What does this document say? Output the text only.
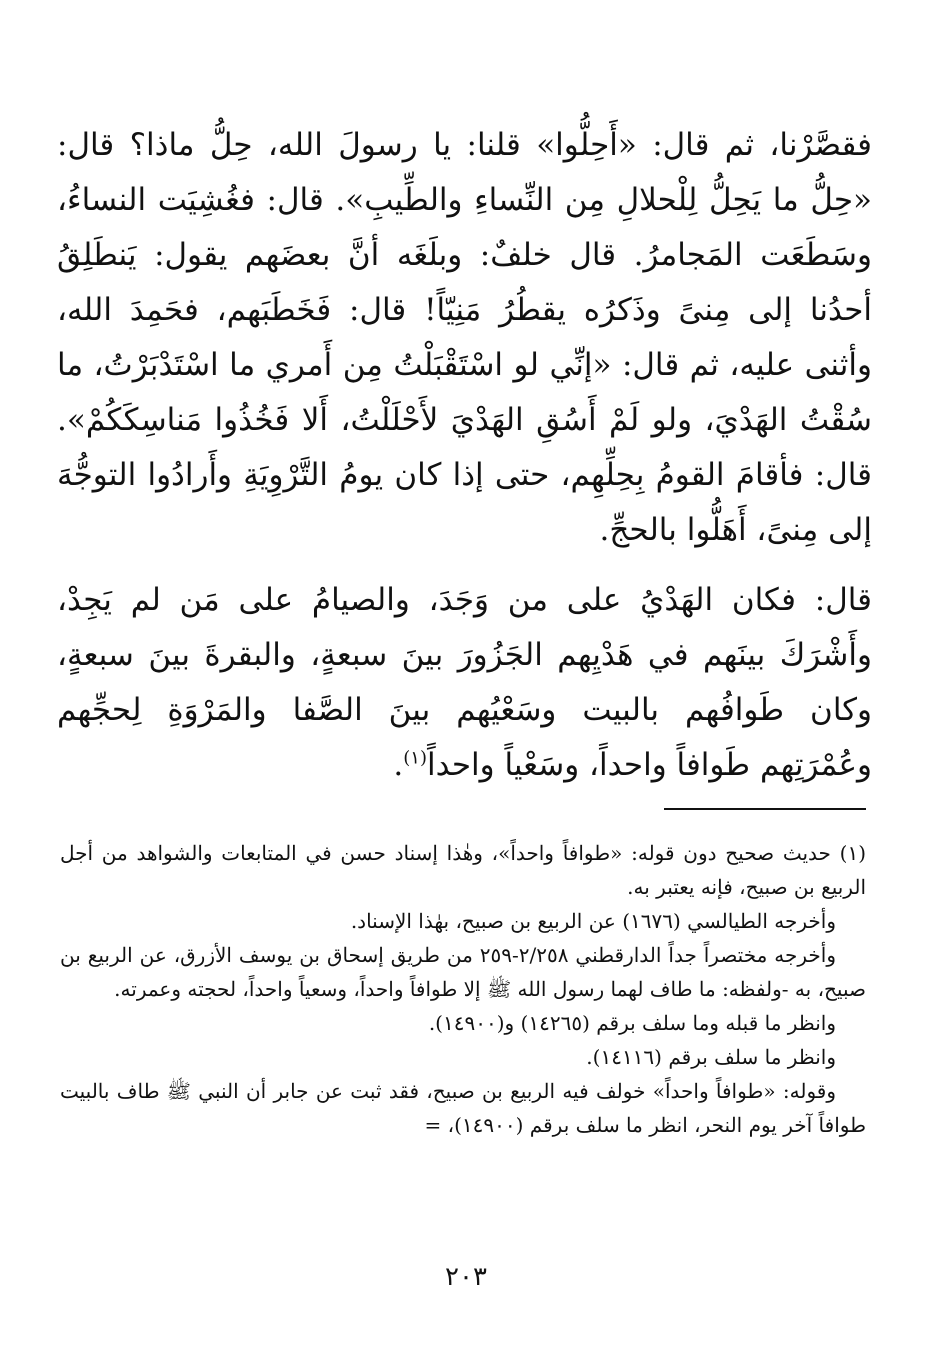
فقصَّرْنا، ثم قال: «أَحِلُّوا» قلنا: يا رسولَ الله، حِلُّ ماذا؟ قال: «حِلُّ ما يَحِلُّ لِلْحلالِ مِن النِّساءِ والطِّيبِ». قال: فغُشِيَت النساءُ، وسَطَعَت المَجامرُ. قال خلفٌ: وبلَغَه أنَّ بعضَهم يقول: يَنطَلِقُ أحدُنا إلى مِنىً وذَكرُه يقطُرُ مَنِيّاً! قال: فَخَطَبَهم، فحَمِدَ الله، وأثنى عليه، ثم قال: «إنِّي لو اسْتَقْبَلْتُ مِن أَمري ما اسْتَدْبَرْتُ، ما سُقْتُ الهَدْيَ، ولو لَمْ أَسُقِ الهَدْيَ لأَحْلَلْتُ، أَلا فَخُذُوا مَناسِكَكُمْ». قال: فأقامَ القومُ بِحِلِّهِم، حتى إذا كان يومُ التَّرْوِيَةِ وأَرادُوا التوجُّهَ إلى مِنىً، أَهَلُّوا بالحجِّ.

قال: فكان الهَدْيُ على من وَجَدَ، والصيامُ على مَن لم يَجِدْ، وأَشْرَكَ بينَهم في هَدْيِهم الجَزُورَ بينَ سبعةٍ، والبقرةَ بينَ سبعةٍ، وكان طَوافُهم بالبيت وسَعْيُهم بينَ الصَّفا والمَرْوَةِ لِحجِّهم وعُمْرَتِهم طَوافاً واحداً، وسَعْياً واحداً$^{(١)}$.

(١) حديث صحيح دون قوله: «طوافاً واحداً»، وهٰذا إسناد حسن في المتابعات والشواهد من أجل الربيع بن صبيح، فإنه يعتبر به.

وأخرجه الطيالسي (١٦٧٦) عن الربيع بن صبيح، بهٰذا الإسناد.

وأخرجه مختصراً جداً الدارقطني ٢/٢٥٨-٢٥٩ من طريق إسحاق بن يوسف الأزرق، عن الربيع بن صبيح، به -ولفظه: ما طاف لهما رسول الله ﷺ إلا طوافاً واحداً، وسعياً واحداً، لحجته وعمرته.

وانظر ما قبله وما سلف برقم (١٤٢٦٥) و(١٤٩٠٠).

وانظر ما سلف برقم (١٤١١٦).

وقوله: «طوافاً واحداً» خولف فيه الربيع بن صبيح، فقد ثبت عن جابر أن النبي ﷺ طاف بالبيت طوافاً آخر يوم النحر، انظر ما سلف برقم (١٤٩٠٠)، =

٢٠٣
